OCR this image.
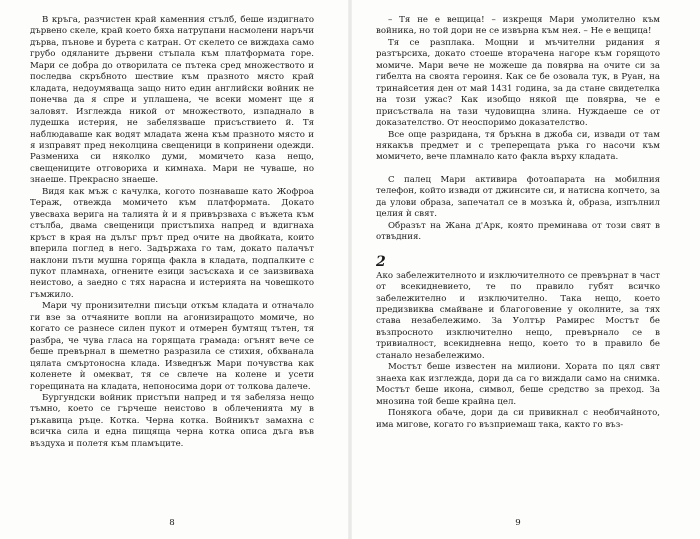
В кръга, разчистен край каменния стълб, беше издигнато дървено скеле, край което бяха натрупани насмолени наръчи дърва, пънове и бурета с катран. От скелето се виждаха само грубо одяланите дървени стъпала към платформата горе. Мари се добра до отворилата се пътека сред множеството и последва скръбното шествие към празното място край кладата, недоумяваща защо нито един английски войник не понечва да я спре и уплашена, че всеки момент ще я заловят. Изглежда никой от множеството, изпаднало в лудешка истерия, не забелязваше присъствието й. Тя наблюдаваше как водят младата жена към празното място и я изправят пред неколцина свещеници в копринени одежди. Размениха си няколко думи, момичето каза нещо, свещениците отговориха и кимнаха. Мари не чуваше, но знаеше. Прекрасно знаеше.

Видя как мъж с качулка, когото познаваше като Жофроа Тераж, отвежда момичето към платформата. Докато увесваха верига на талията ѝ и я привързваха с въжета към стълба, двама свещеници пристъпиха напред и вдигнаха кръст в края на дълъг прът пред очите на двойката, които вперила поглед в него. Задържаха го там, докато палачът наклони пъти мушна горяща факла в кладата, подпалките с пукот пламнаха, огнените езици засъскаха и се заизвиваха неистово, а заедно с тях нарасна и истерията на човешкото гъмжило.

Мари чу пронизителни писъци откъм кладата и отначало ги взе за отчаяните вопли на агонизиращото момиче, но когато се разнесе силен пукот и отмерен бумтящ тътен, тя разбра, че чува гласа на горящата грамада: огънят вече се беше превърнал в шеметно разразила се стихия, обхванала цялата смъртоносна клада. Изведнъж Мари почувства как коленете ѝ омекват, тя се свлече на колене и усети горещината на кладата, непоносима дори от толкова далече.

Бургундски войник пристъпи напред и тя забеляза нещо тъмно, което се гърчеше неистово в облеченията му в ръкавица ръце. Котка. Черна котка. Войникът замахна с всичка сила и една пищяща черна котка описа дъга във въздуха и полетя към пламъците.

8

– Тя не е вещица! – изкрещя Мари умолително към войника, но той дори не се извърна към нея. – Не е вещица!

Тя се разплака. Мощни и мъчителни ридания я разтърсиха, докато стоеше вторачена нагоре към горящото момиче. Мари вече не можеше да повярва на очите си за гибелта на своята героиня. Как се бе озовала тук, в Руан, на тринайсетия ден от май 1431 година, за да стане свидетелка на този ужас? Как изобщо някой ще повярва, че е присъствала на тази чудовищна злина. Нуждаеше се от доказателство. От неоспоримо доказателство.

Все още разридана, тя бръкна в джоба си, извади от там някакъв предмет и с треперещата ръка го насочи към момичето, вече пламнало като факла върху кладата.

С палец Мари активира фотоапарата на мобилния телефон, който извади от джинсите си, и натисна копчето, за да улови образа, запечатал се в мозъка ѝ, образа, изпълнил целия ѝ свят.

Образът на Жана д'Арк, която преминава от този свят в отвъдния.

2

Ако забележителното и изключителното се превърнат в част от всекидневието, те по правило губят всичко забележително и изключително. Така нещо, което предизвиква смайване и благоговение у околните, за тях става незабележимо. За Уолтър Рамирес Мостът бе възпросното изключително нещо, превърнало се в тривиалност, всекидневна нещо, което то в правило бе станало незабележимо.

Мостът беше известен на милиони. Хората по цял свят знаеха как изглежда, дори да са го виждали само на снимка. Мостът беше икона, символ, беше средство за преход. За мнозина той беше крайна цел.

Понякога обаче, дори да си привикнал с необичайното, има мигове, когато го възприемаш така, както го въз-

9
